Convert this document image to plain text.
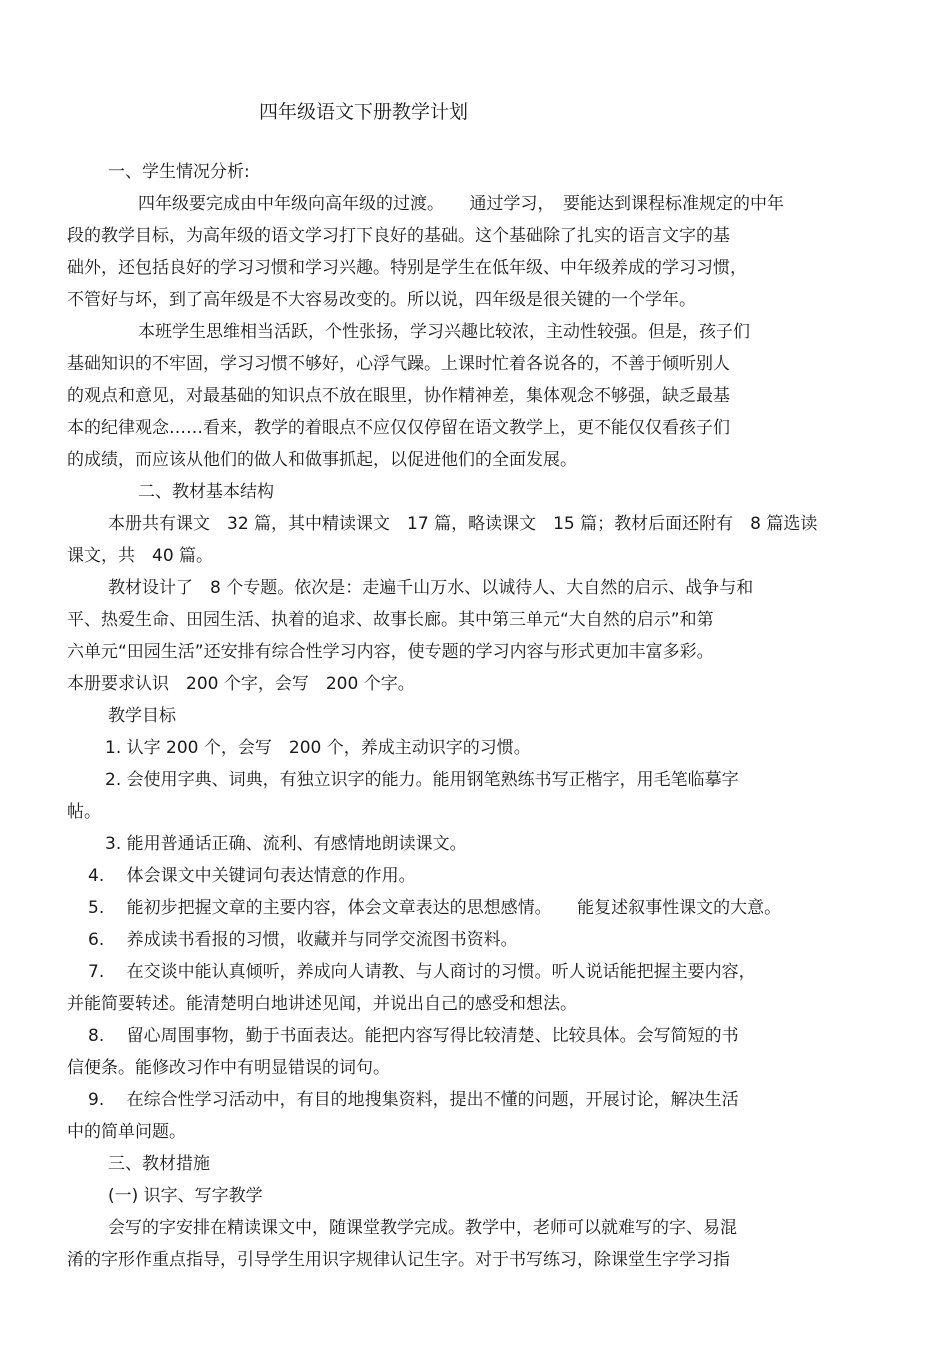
四年级语文下册教学计划
一、学生情况分析:
四年级要完成由中年级向高年级的过渡。　　通过学习，　要能达到课程标准规定的中年
段的教学目标，为高年级的语文学习打下良好的基础。这个基础除了扎实的语言文字的基
础外，还包括良好的学习习惯和学习兴趣。特别是学生在低年级、中年级养成的学习习惯，
不管好与坏，到了高年级是不大容易改变的。所以说，四年级是很关键的一个学年。
本班学生思维相当活跃，个性张扬，学习兴趣比较浓，主动性较强。但是，孩子们
基础知识的不牢固，学习习惯不够好，心浮气躁。上课时忙着各说各的，不善于倾听别人
的观点和意见，对最基础的知识点不放在眼里，协作精神差，集体观念不够强，缺乏最基
本的纪律观念……看来，教学的着眼点不应仅仅停留在语文教学上，更不能仅仅看孩子们
的成绩，而应该从他们的做人和做事抓起，以促进他们的全面发展。
二、教材基本结构
本册共有课文　32 篇，其中精读课文　17 篇，略读课文　15 篇；教材后面还附有　8 篇选读
课文，共　40 篇。
教材设计了　8 个专题。依次是：走遍千山万水、以诚待人、大自然的启示、战争与和
平、热爱生命、田园生活、执着的追求、故事长廊。其中第三单元“大自然的启示”和第
六单元“田园生活”还安排有综合性学习内容，使专题的学习内容与形式更加丰富多彩。
本册要求认识　200 个字，会写　200 个字。
教学目标
1. 认字 200 个，会写　200 个，养成主动识字的习惯。
2. 会使用字典、词典，有独立识字的能力。能用钢笔熟练书写正楷字，用毛笔临摹字
帖。
3. 能用普通话正确、流利、有感情地朗读课文。
4.　 体会课文中关键词句表达情意的作用。
5.　 能初步把握文章的主要内容，体会文章表达的思想感情。　　能复述叙事性课文的大意。
6.　 养成读书看报的习惯，收藏并与同学交流图书资料。
7.　 在交谈中能认真倾听，养成向人请教、与人商讨的习惯。听人说话能把握主要内容，
并能简要转述。能清楚明白地讲述见闻，并说出自己的感受和想法。
8.　 留心周围事物，勤于书面表达。能把内容写得比较清楚、比较具体。会写简短的书
信便条。能修改习作中有明显错误的词句。
9.　 在综合性学习活动中，有目的地搜集资料，提出不懂的问题，开展讨论，解决生活
中的简单问题。
三、教材措施
(一) 识字、写字教学
会写的字安排在精读课文中，随课堂教学完成。教学中，老师可以就难写的字、易混
淆的字形作重点指导，引导学生用识字规律认记生字。对于书写练习，除课堂生字学习指
